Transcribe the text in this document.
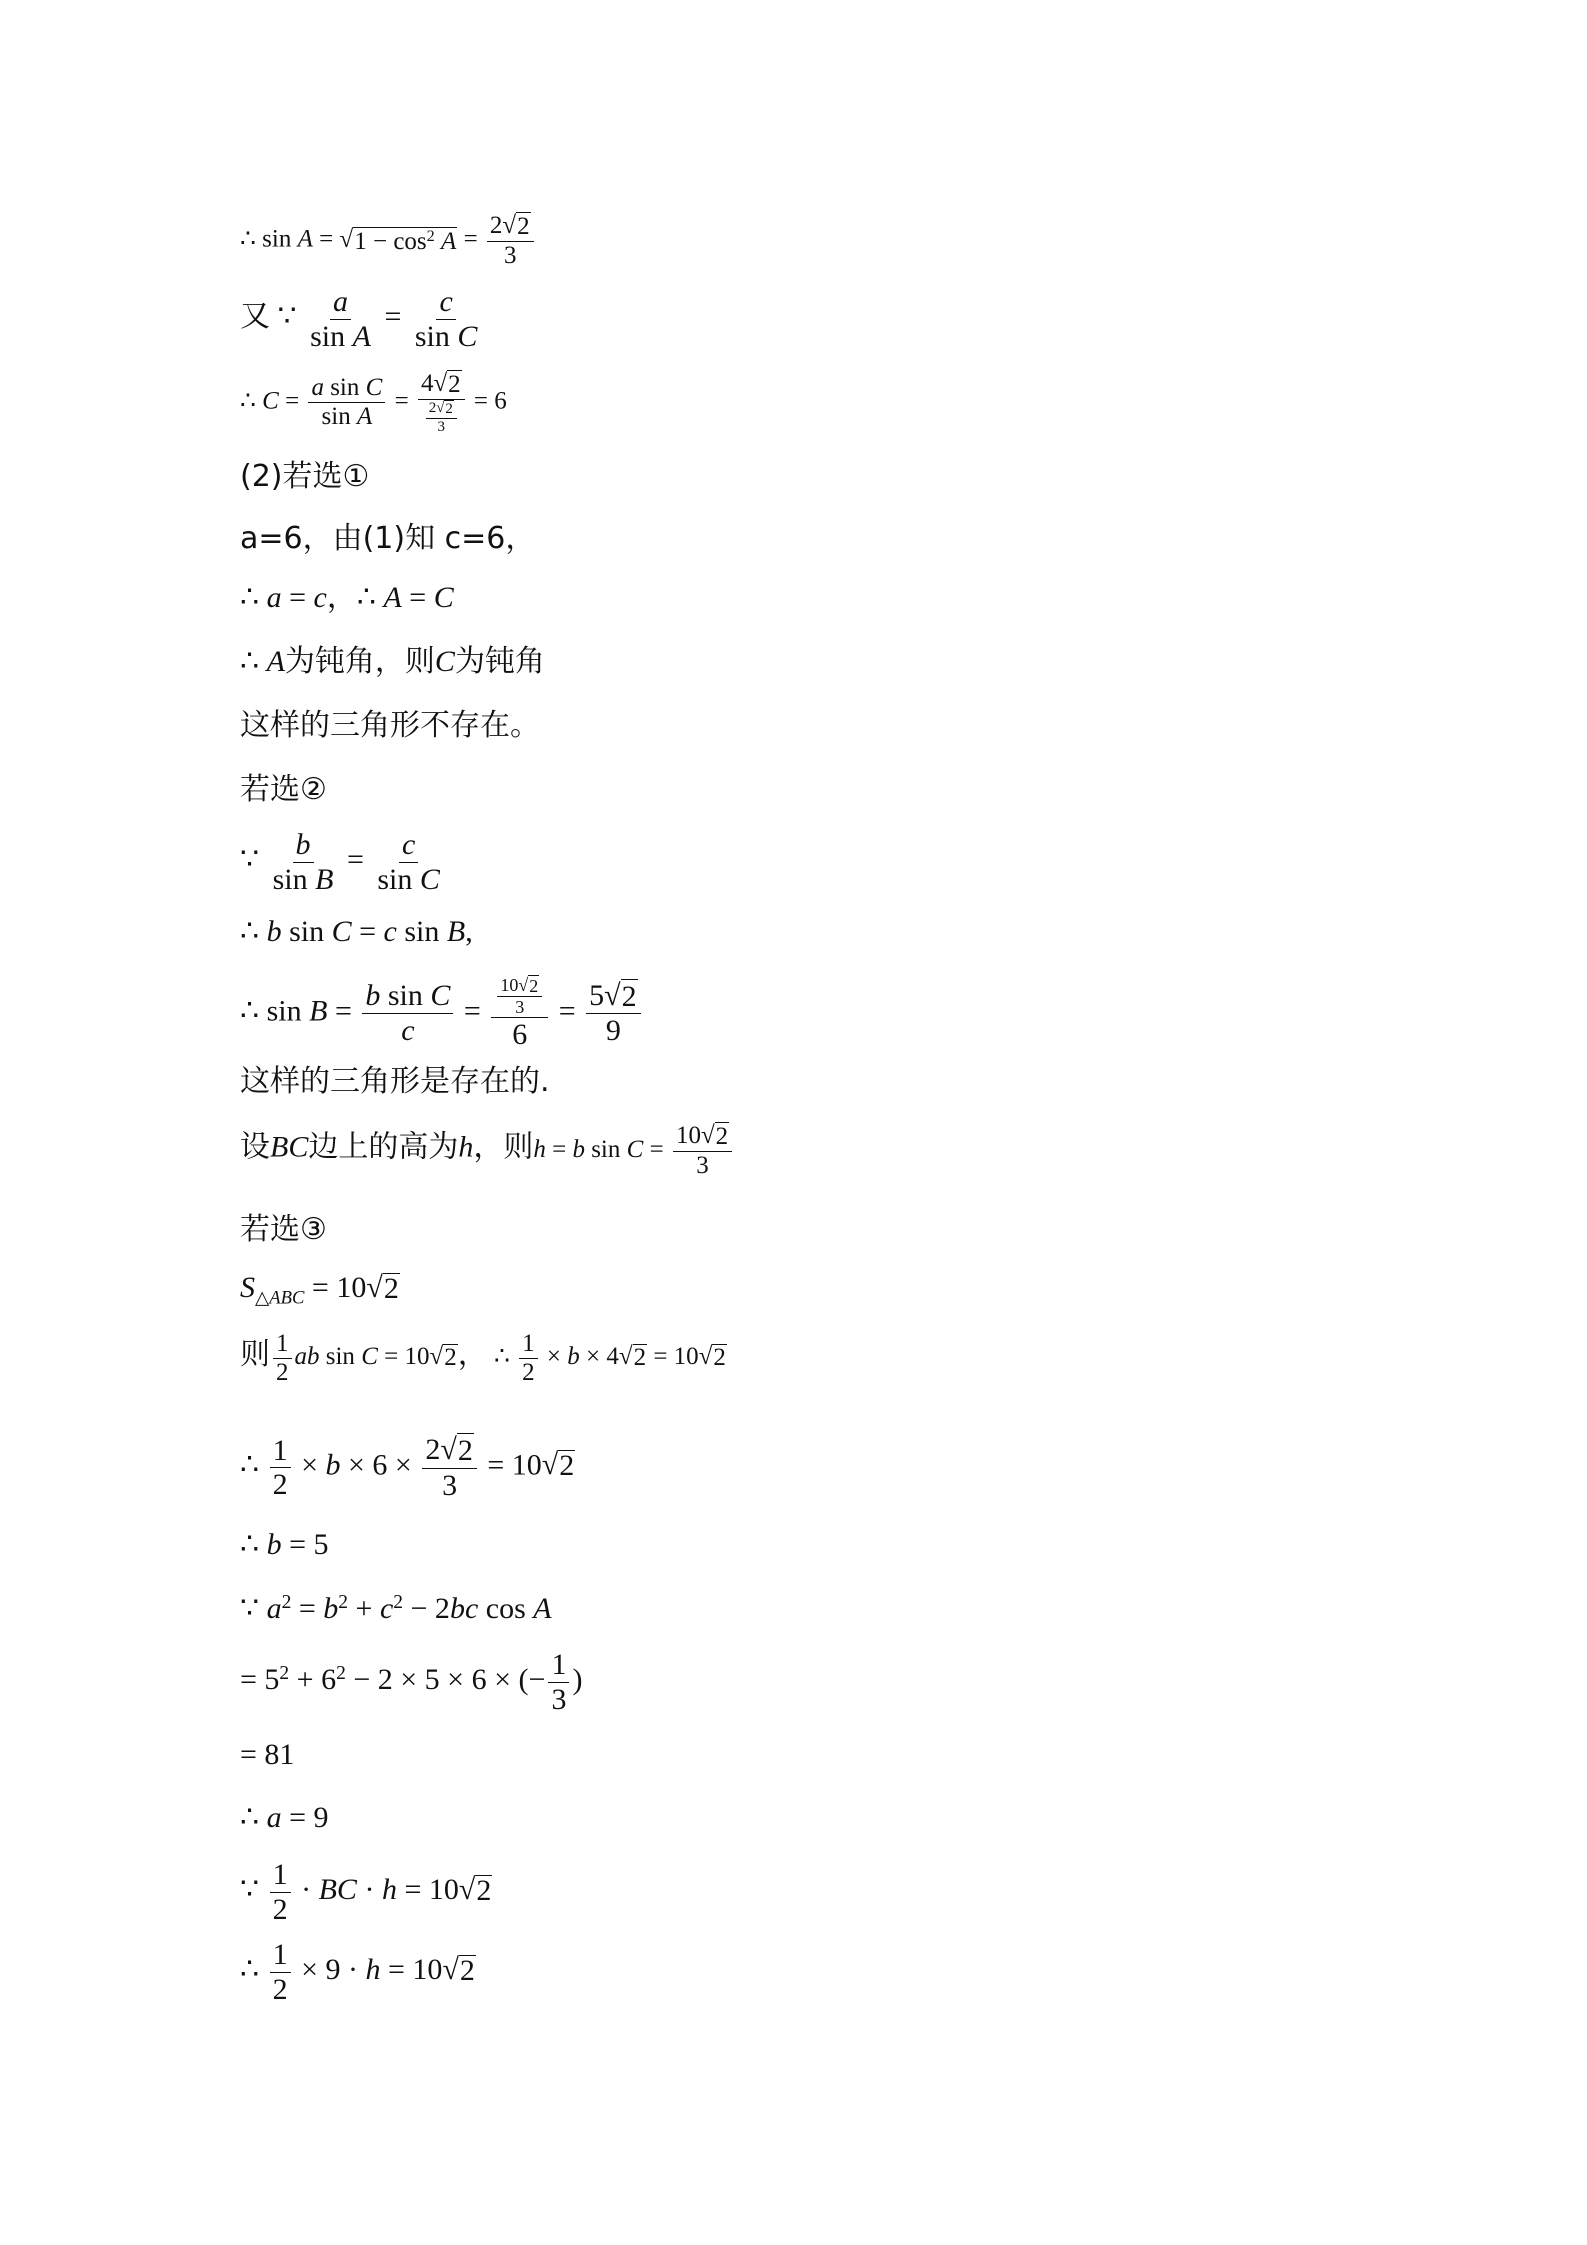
∴ sin A = √ $1 - \cos^2 A = \frac{2 √ 2}{3}$
又 ∵ $\frac{a}{\text{sin A}} = \frac{c}{\text{sin C}}$
∴ $C = \frac{\text{a sin C}}{\text{sin A}} = \frac{4 √ 2}{\frac{2 √ 2}{3}} = 6$
(2)若选①
a=6，由(1)知 c=6，
∴ a = c，∴ A = C
∴ A为钝角，则C为钝角
这样的三角形不存在。
若选②
∵ $\frac{b}{\text{sin B}} = \frac{c}{\text{sin C}}$
∴ b sin C = c sin B,
∴ $\sin B = \frac{\text{b sin C}}{c} = \frac{\frac{10 √ 2}{3}}{6} = \frac{5 √ 2}{9}$
这样的三角形是存在的.
设BC边上的高为h，则h = b $\sin C = \frac{10 √ 2}{3}$
若选③
$S_{\triangle ABC} = 10$ √ 2
则 $\frac{1}{2}$ ab sin C = 10 √ 2 ， ∴ $\frac{1}{2} \times b \times 4$ √ 2 = 10 √ 2
∴ $\frac{1}{2} \times b \times 6 \times \frac{2 √ 2}{3} = 10$ √ 2
∴ b = 5
∵ $a^2 = b^2 + c^2 - 2bc$ cos A
= $5^2 + 6^2 - 2 \times 5 \times 6$ × (− $\frac{1}{3}$ )
= 81
∴ a = 9
∵ $\frac{1}{2}$ · BC · h = 10 √ 2
∴ $\frac{1}{2} \times 9 \cdot h = 10$ √ 2
